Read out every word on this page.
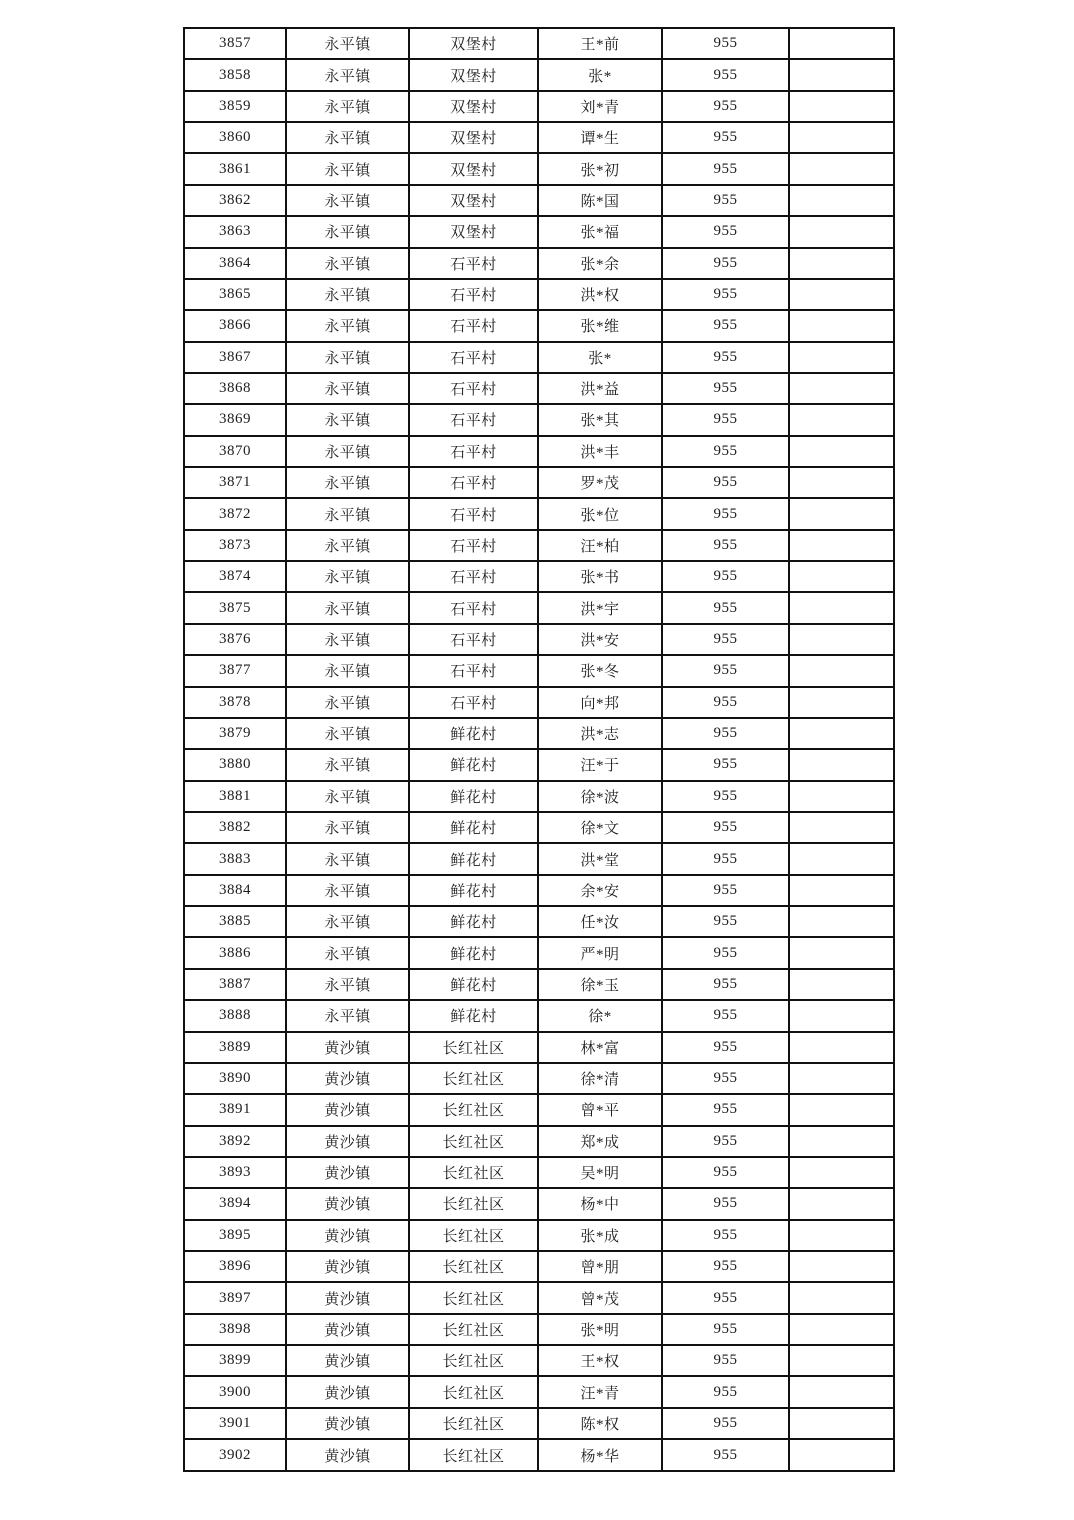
3857	永平镇	双堡村	王*前	955	
3858	永平镇	双堡村	张*	955	
3859	永平镇	双堡村	刘*青	955	
3860	永平镇	双堡村	谭*生	955	
3861	永平镇	双堡村	张*初	955	
3862	永平镇	双堡村	陈*国	955	
3863	永平镇	双堡村	张*福	955	
3864	永平镇	石平村	张*余	955	
3865	永平镇	石平村	洪*权	955	
3866	永平镇	石平村	张*维	955	
3867	永平镇	石平村	张*	955	
3868	永平镇	石平村	洪*益	955	
3869	永平镇	石平村	张*其	955	
3870	永平镇	石平村	洪*丰	955	
3871	永平镇	石平村	罗*茂	955	
3872	永平镇	石平村	张*位	955	
3873	永平镇	石平村	汪*柏	955	
3874	永平镇	石平村	张*书	955	
3875	永平镇	石平村	洪*宇	955	
3876	永平镇	石平村	洪*安	955	
3877	永平镇	石平村	张*冬	955	
3878	永平镇	石平村	向*邦	955	
3879	永平镇	鲜花村	洪*志	955	
3880	永平镇	鲜花村	汪*于	955	
3881	永平镇	鲜花村	徐*波	955	
3882	永平镇	鲜花村	徐*文	955	
3883	永平镇	鲜花村	洪*堂	955	
3884	永平镇	鲜花村	余*安	955	
3885	永平镇	鲜花村	任*汝	955	
3886	永平镇	鲜花村	严*明	955	
3887	永平镇	鲜花村	徐*玉	955	
3888	永平镇	鲜花村	徐*	955	
3889	黄沙镇	长红社区	林*富	955	
3890	黄沙镇	长红社区	徐*清	955	
3891	黄沙镇	长红社区	曾*平	955	
3892	黄沙镇	长红社区	郑*成	955	
3893	黄沙镇	长红社区	吴*明	955	
3894	黄沙镇	长红社区	杨*中	955	
3895	黄沙镇	长红社区	张*成	955	
3896	黄沙镇	长红社区	曾*朋	955	
3897	黄沙镇	长红社区	曾*茂	955	
3898	黄沙镇	长红社区	张*明	955	
3899	黄沙镇	长红社区	王*权	955	
3900	黄沙镇	长红社区	汪*青	955	
3901	黄沙镇	长红社区	陈*权	955	
3902	黄沙镇	长红社区	杨*华	955	
